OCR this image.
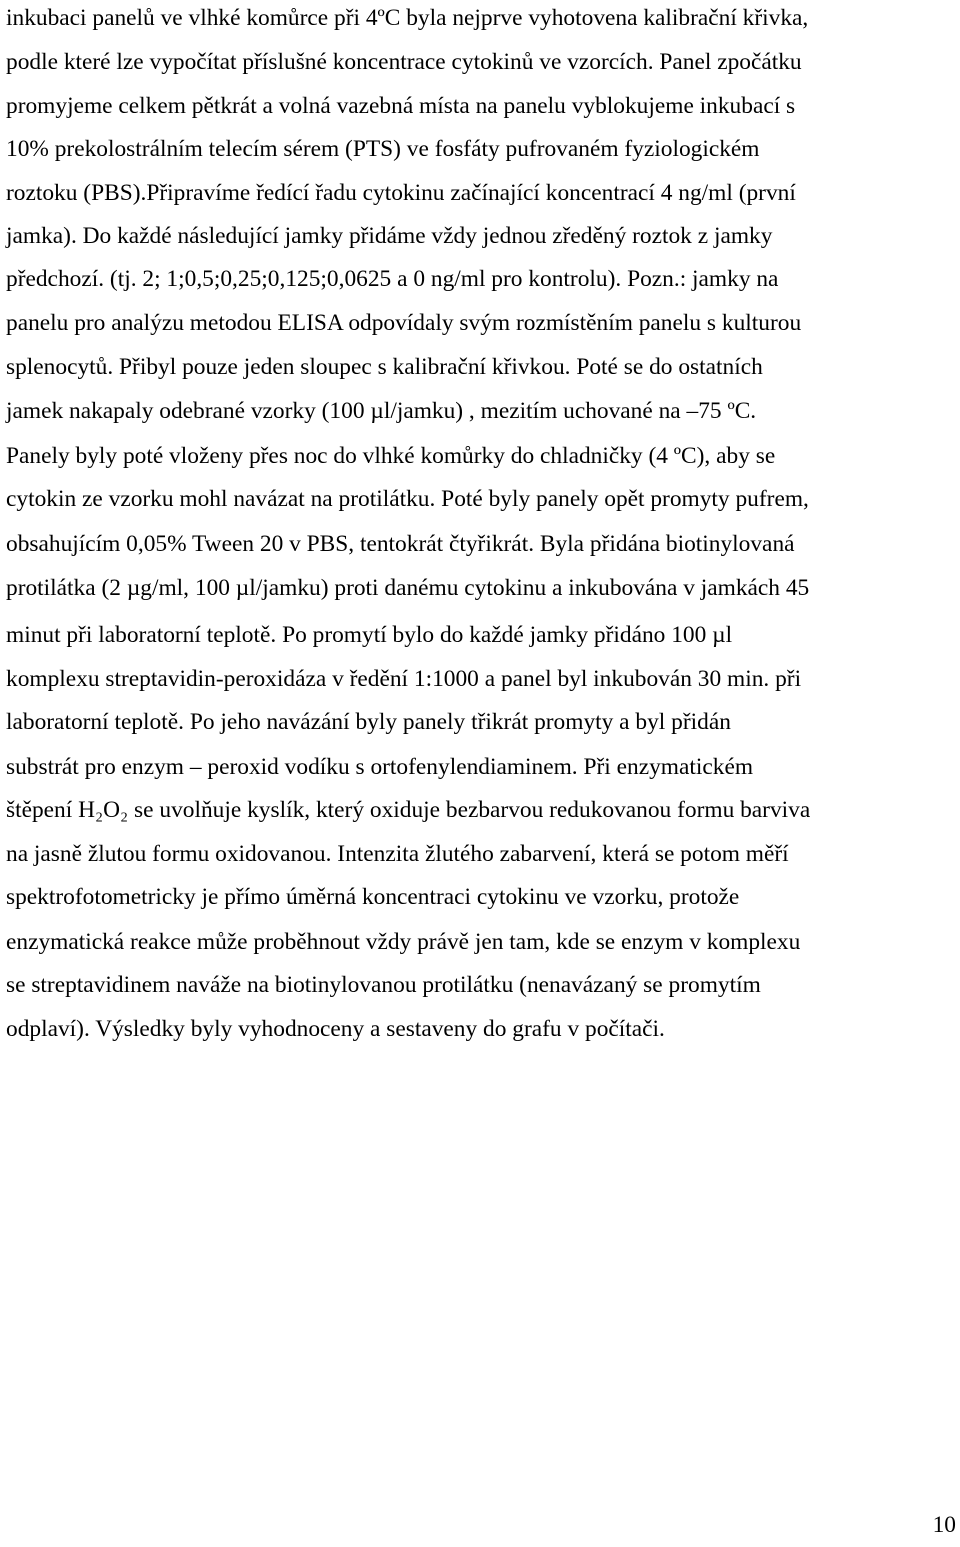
inkubaci panelů ve vlhké komůrce při 4ºC byla nejprve vyhotovena kalibrační křivka,
podle které lze vypočítat příslušné koncentrace cytokinů ve vzorcích. Panel zpočátku
promyjeme celkem pětkrát a volná vazebná místa na panelu vyblokujeme inkubací s
10% prekolostrálním telecím sérem (PTS) ve fosfáty pufrovaném fyziologickém
roztoku (PBS).Připravíme ředící řadu cytokinu začínající koncentrací 4 ng/ml (první
jamka). Do každé následující jamky přidáme vždy jednou zředěný roztok z jamky
předchozí. (tj. 2; 1;0,5;0,25;0,125;0,0625 a 0 ng/ml pro kontrolu). Pozn.: jamky na
panelu pro analýzu metodou ELISA odpovídaly svým rozmístěním panelu s kulturou
splenocytů. Přibyl pouze jeden sloupec s kalibrační křivkou. Poté se do ostatních
jamek nakapaly odebrané vzorky (100 µl/jamku) , mezitím uchované na –75 ºC.
Panely byly poté vloženy přes noc do vlhké komůrky do chladničky (4 ºC), aby se
cytokin ze vzorku mohl navázat na protilátku. Poté byly panely opět promyty pufrem,
obsahujícím 0,05% Tween 20 v PBS, tentokrát čtyřikrát. Byla přidána biotinylovaná
protilátka (2 µg/ml, 100 µl/jamku) proti danému cytokinu a inkubována v jamkách 45
minut při laboratorní teplotě. Po promytí bylo do každé jamky přidáno 100 µl
komplexu streptavidin-peroxidáza v ředění 1:1000 a panel byl inkubován 30 min. při
laboratorní teplotě. Po jeho navázání byly panely třikrát promyty a byl přidán
substrát pro enzym – peroxid vodíku s ortofenylendiaminem. Při enzymatickém
štěpení H₂O₂ se uvolňuje kyslík, který oxiduje bezbarvou redukovanou formu barviva
na jasně žlutou formu oxidovanou. Intenzita žlutého zabarvení, která se potom měří
spektrofotometricky je přímo úměrná koncentraci cytokinu ve vzorku, protože
enzymatická reakce může proběhnout vždy právě jen tam, kde se enzym v komplexu
se streptavidinem naváže na biotinylovanou protilátku (nenavázaný se promytím
odplaví). Výsledky byly vyhodnoceny a sestaveny do grafu v počítači.
10
